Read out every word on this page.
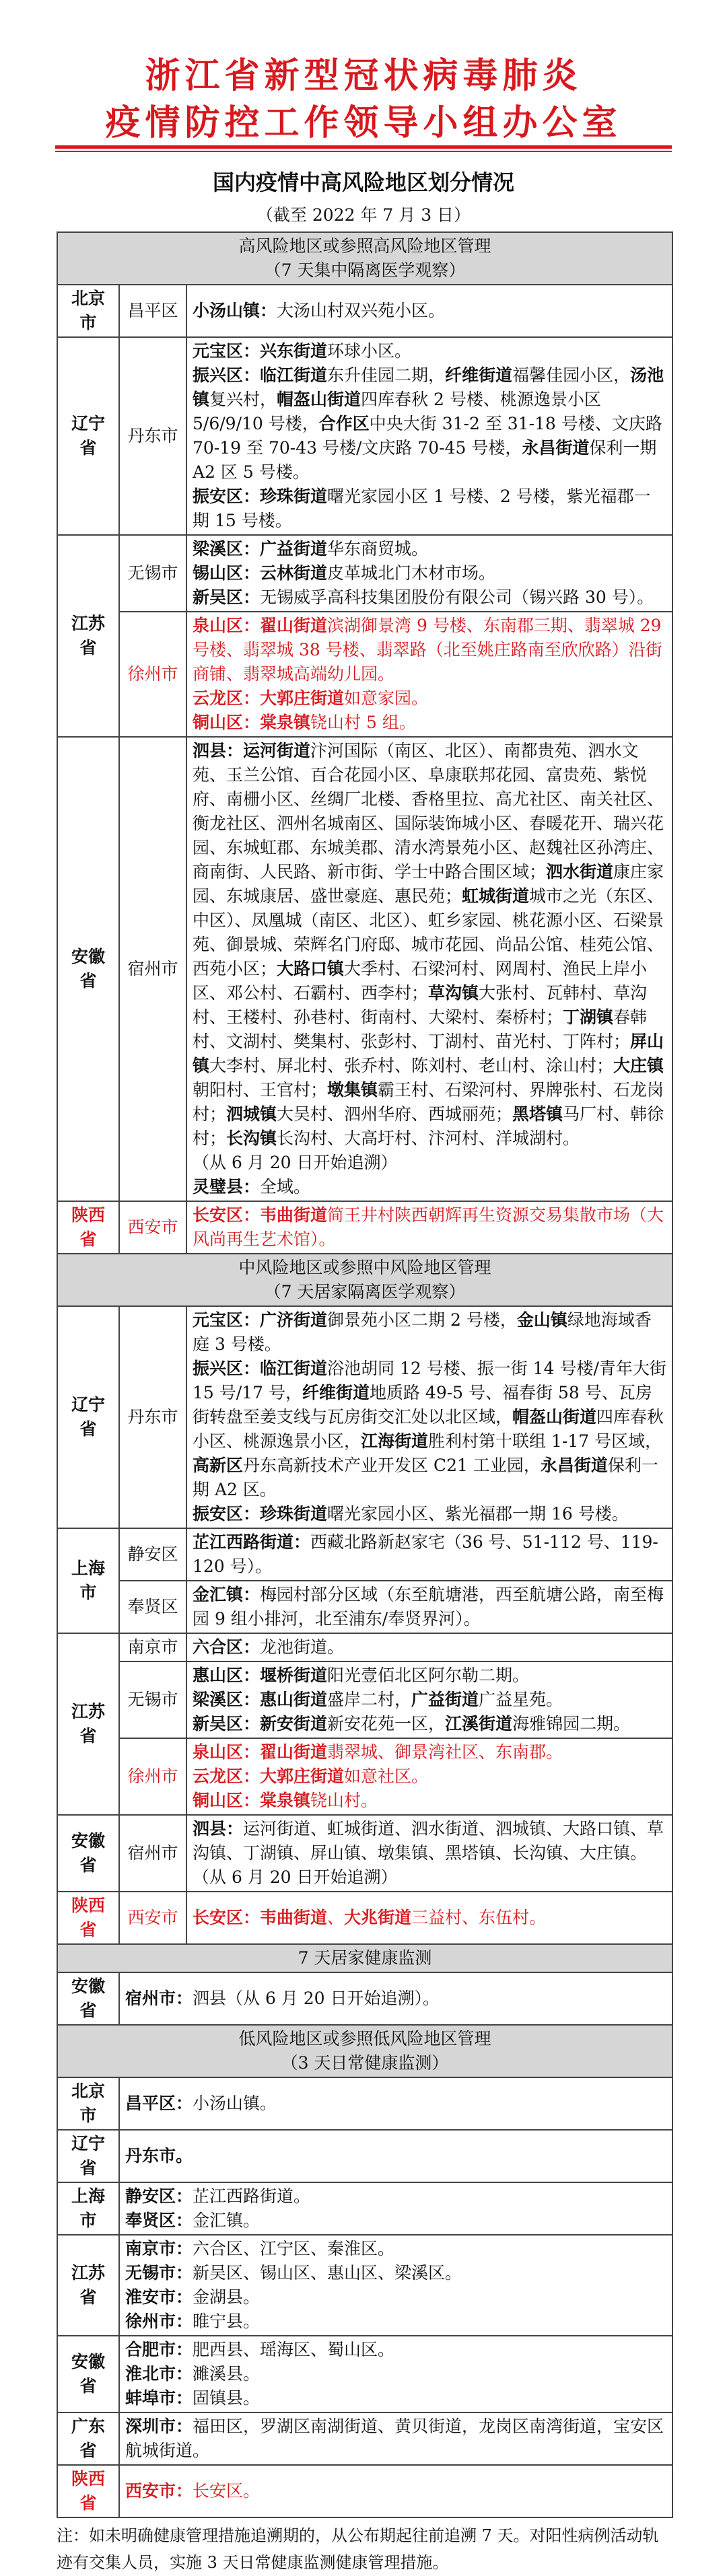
浙江省新型冠状病毒肺炎
疫情防控工作领导小组办公室
国内疫情中高风险地区划分情况
（截至 2022 年 7 月 3 日）
高风险地区或参照高风险地区管理
（7 天集中隔离医学观察）		

北京市	昌平区	小汤山镇：大汤山村双兴苑小区。
辽宁省	丹东市	元宝区：兴东街道环球小区。
振兴区：临江街道东升佳园二期，纤维街道福馨佳园小区，汤池镇复兴村，帽盔山街道四库春秋 2 号楼、桃源逸景小区 5/6/9/10 号楼，合作区中央大街 31-2 至 31-18 号楼、文庆路 70-19 至 70-43 号楼/文庆路 70-45 号楼，永昌街道保利一期 A2 区 5 号楼。
振安区：珍珠街道曙光家园小区 1 号楼、2 号楼，紫光福郡一期 15 号楼。

江苏省	无锡市	梁溪区：广益街道华东商贸城。
锡山区：云林街道皮革城北门木材市场。
新吴区：无锡威孚高科技集团股份有限公司（锡兴路 30 号）。

	徐州市	泉山区：翟山街道滨湖御景湾 9 号楼、东南郡三期、翡翠城 29 号楼、翡翠城 38 号楼、翡翠路（北至姚庄路南至欣欣路）沿街商铺、翡翠城高端幼儿园。
云龙区：大郭庄街道如意家园。
铜山区：棠泉镇铙山村 5 组。

安徽省	宿州市	泗县：运河街道汴河国际（南区、北区）、南都贵苑、泗水文苑、玉兰公馆、百合花园小区、阜康联邦花园、富贵苑、紫悦府、南栅小区、丝绸厂北楼、香格里拉、高尤社区、南关社区、衡龙社区、泗州名城南区、国际装饰城小区、春暖花开、瑞兴花园、东城虹郡、东城美郡、清水湾景苑小区、赵魏社区孙湾庄、商南街、人民路、新市街、学士中路合围区域；泗水街道康庄家园、东城康居、盛世豪庭、惠民苑；虹城街道城市之光（东区、中区）、凤凰城（南区、北区）、虹乡家园、桃花源小区、石梁景苑、御景城、荣辉名门府邸、城市花园、尚品公馆、桂苑公馆、西苑小区；大路口镇大季村、石梁河村、网周村、渔民上岸小区、邓公村、石霸村、西李村；草沟镇大张村、瓦韩村、草沟村、王楼村、孙巷村、街南村、大梁村、秦桥村；丁湖镇春韩村、文湖村、樊集村、张彭村、丁湖村、苗光村、丁阵村；屏山镇大李村、屏北村、张乔村、陈刘村、老山村、涂山村；大庄镇朝阳村、王官村；墩集镇霸王村、石梁河村、界牌张村、石龙岗村；泗城镇大吴村、泗州华府、西城丽苑；黑塔镇马厂村、韩徐村；长沟镇长沟村、大高圩村、汴河村、洋城湖村。
（从 6 月 20 日开始追溯）
灵璧县：全域。

陕西省	西安市	长安区：韦曲街道简王井村陕西朝辉再生资源交易集散市场（大风尚再生艺术馆）。

中风险地区或参照中风险地区管理
（7 天居家隔离医学观察）		

辽宁省	丹东市	元宝区：广济街道御景苑小区二期 2 号楼，金山镇绿地海域香庭 3 号楼。
振兴区：临江街道浴池胡同 12 号楼、振一街 14 号楼/青年大街 15 号/17 号，纤维街道地质路 49-5 号、福春街 58 号、瓦房街转盘至姜支线与瓦房街交汇处以北区域，帽盔山街道四库春秋小区、桃源逸景小区，江海街道胜利村第十联组 1-17 号区域，高新区丹东高新技术产业开发区 C21 工业园，永昌街道保利一期 A2 区。
振安区：珍珠街道曙光家园小区、紫光福郡一期 16 号楼。

上海市	静安区	芷江西路街道：西藏北路新赵家宅（36 号、51-112 号、119-120 号）。
	奉贤区	金汇镇：梅园村部分区域（东至航塘港，西至航塘公路，南至梅园 9 组小排河，北至浦东/奉贤界河）。
江苏省	南京市	六合区：龙池街道。
	无锡市	惠山区：堰桥街道阳光壹佰北区阿尔勒二期。
梁溪区：惠山街道盛岸二村，广益街道广益星苑。
新吴区：新安街道新安花苑一区，江溪街道海雅锦园二期。

	徐州市	泉山区：翟山街道翡翠城、御景湾社区、东南郡。
云龙区：大郭庄街道如意社区。
铜山区：棠泉镇铙山村。

安徽省	宿州市	泗县：运河街道、虹城街道、泗水街道、泗城镇、大路口镇、草沟镇、丁湖镇、屏山镇、墩集镇、黑塔镇、长沟镇、大庄镇。
（从 6 月 20 日开始追溯）

陕西省	西安市	长安区：韦曲街道、大兆街道三益村、东伍村。
7 天居家健康监测		
安徽省	宿州市：泗县（从 6 月 20 日开始追溯）。	

低风险地区或参照低风险地区管理
（3 天日常健康监测）		

北京市	昌平区：小汤山镇。	

辽宁省	丹东市。	

上海市	静安区：芷江西路街道。
奉贤区：金汇镇。	

江苏省	南京市：六合区、江宁区、秦淮区。
无锡市：新吴区、锡山区、惠山区、梁溪区。
淮安市：金湖县。
徐州市：睢宁县。	

安徽省	合肥市：肥西县、瑶海区、蜀山区。
淮北市：濉溪县。
蚌埠市：固镇县。	

广东省	深圳市：福田区，罗湖区南湖街道、黄贝街道，龙岗区南湾街道，宝安区航城街道。	

陕西省	西安市：长安区。	
注：如未明确健康管理措施追溯期的，从公布期起往前追溯 7 天。对阳性病例活动轨迹有交集人员，实施 3 天日常健康监测健康管理措施。
